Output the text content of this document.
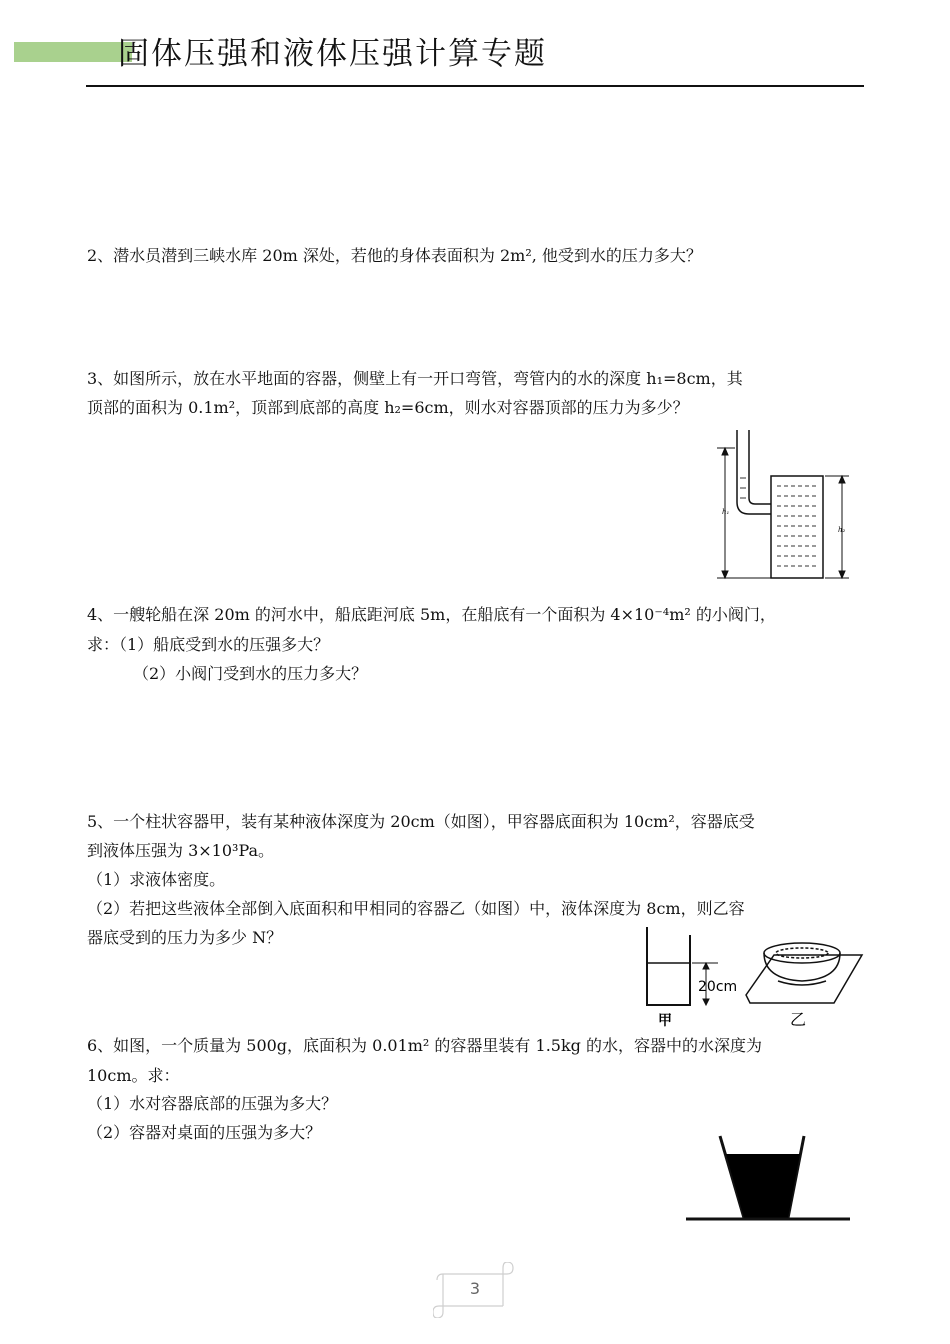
固体压强和液体压强计算专题
2、潜水员潜到三峡水库 20m 深处，若他的身体表面积为 2m², 他受到水的压力多大？
3、如图所示，放在水平地面的容器，侧壁上有一开口弯管，弯管内的水的深度 h₁=8cm，其
顶部的面积为 0.1m²，顶部到底部的高度 h₂=6cm，则水对容器顶部的压力为多少？
h₁
h₂
4、一艘轮船在深 20m 的河水中，船底距河底 5m，在船底有一个面积为 4×10⁻⁴m² 的小阀门，
求：（1）船底受到水的压强多大？
（2）小阀门受到水的压力多大？
5、一个柱状容器甲，装有某种液体深度为 20cm（如图），甲容器底面积为 10cm²，容器底受
到液体压强为 3×10³Pa。
（1）求液体密度。
（2）若把这些液体全部倒入底面积和甲相同的容器乙（如图）中，液体深度为 8cm，则乙容
器底受到的压力为多少 N？
20cm
甲	乙
6、如图，一个质量为 500g，底面积为 0.01m² 的容器里装有 1.5kg 的水，容器中的水深度为
10cm。求：
（1）水对容器底部的压强为多大？
（2）容器对桌面的压强为多大？
3
